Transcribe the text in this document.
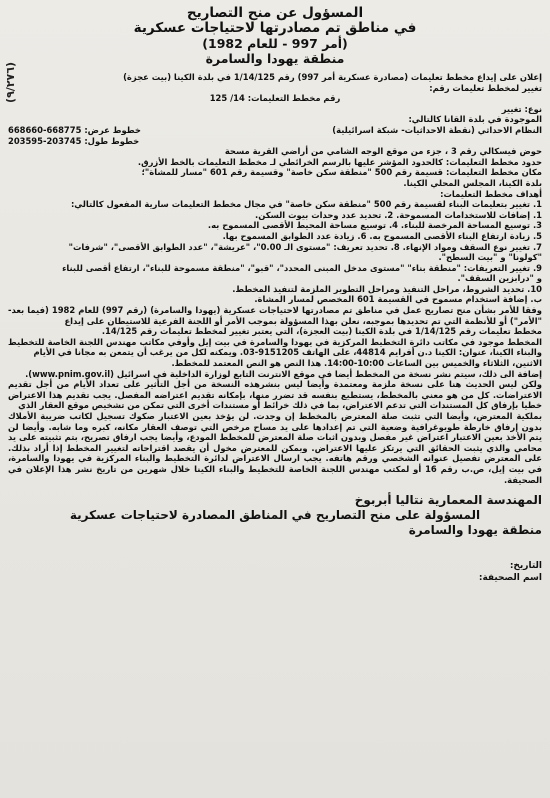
(٩/٢٧٦)

المسؤول عن منح التصاريح

في مناطق تم مصادرتها لاحتياجات عسكرية

(أمر 997 - للعام 1982)

منطقة يهودا والسامرة

إعلان على إيداع مخطط تعليمات (مصادرة عسكرية أمر 997) رقم 1/14/125 في بلدة الكينا (بيت عجزة)

تغيير لمخطط تعليمات رقم:

رقم مخطط التعليمات: 14/ 125

نوع: تغيير

الموجودة في بلدة القانا كالتالي:

النظام الاحداثي (نقطة الاحداثيات- شبكة اسرائيلية)
خطوط عرض: 668775-668660

خطوط طول: 203745-203595

حوض فيسكالي رقم 3 ، جزء من موقع الوجه الشامي من أراضي القرية مسحة

حدود مخطط التعليمات: كالحدود المؤشر عليها بالرسم الخرائطي لـ مخطط التعليمات بالخط الأزرق.

مكان مخطط التعليمات: قسيمة رقم 500 "منطقة سكن خاصة" وقسيمة رقم 601 "مسار للمشاة"؛

بلدة الكينا، المجلس المحلي الكينا.

أهداف مخطط التعليمات:

1. تغيير بتعليمات البناء لقسيمة رقم 500 "منطقة سكن خاصة" في مجال مخطط التعليمات سارية المفعول كالتالي:

1. إضافات للاستخدامات المسموحة. 2. تحديد عدد وحدات بيوت السكن.

3. توسيع المساحة المرخصة للبناء. 4. توسيع مساحة المحيط الأقصى المسموح به.

5. زيادة ارتفاع البناء الأقصى المسموح به. 6. زيادة عدد الطوابق المسموح بها.

7. تغيير نوع السقف ومواد الإنهاء. 8. تحديد تعريف: "مستوى الـ 0.00"، "عريشة"، "عدد الطوابق الأقصى"، "شرفات"

"كولونا" و "بيت السطح".

9. تغيير التعريفات: "منطقة بناء" "مستوى مدخل المبنى المحدد"، "قبو"، "منطقة مسموحة للبناء"، ارتفاع أقصى للبناء

و "درابزين السقف".

10. تحديد الشروط، مراحل التنفيذ ومراحل التطوير الملزمة لتنفيذ المخطط.

ب. إضافة استخدام مسموح في القسيمة 601 المخصص لمسار المشاة.

وفقا للأمر بشأن منح تصاريح عمل في مناطق تم مصادرتها لاحتياجات عسكرية (يهودا والسامرة) (رقم 997) للعام 1982 (فيما بعد- "الأمر") أو للأنظمة التي تم تحديدها بموجبه، نعلن بهذا المسؤولة بموجب الأمر أو اللجنة الفرعية للاستيطان على إيداع

مخطط تعليمات رقم 1/14/125 في بلدة الكينا (بيت العجزة)، التي يعتبر تغيير لمخطط تعليمات رقم 14/125.

المخطط موجود في مكاتب دائرة التخطيط المركزية في يهودا والسامرة في بيت إيل وأوفي مكاتب مهندس اللجنة الخاصة للتخطيط والبناء الكينا، عنوان: الكينا د.ن أفرايم 44814، على الهاتف 9151205-03. ويمكنه لكل من يرغب أن يتمعن به مجانا في الأيام

الاثنين، الثلاثاء والخميس بين الساعات 10:00-14:00. هذا النص هو النص المعتمد للمخطط.

إضافة الى ذلك، سيتم نشر نسخة من المخطط أيضا في موقع الانترنت التابع لوزارة الداخلية في اسرائيل (www.pnim.gov.il).

ولكن ليس الحديث هنا على نسخة ملزمة ومعتمدة وأيضا ليس بنشرهذه النسخة من أجل التأثير على تعداد الأيام من أجل تقديم الاعتراضات. كل من هو معني بالمخطط، يستطيع بنفسه قد تضرر منها، بإمكانه تقديم اعتراضه المفصل. يجب تقديم هذا الاعتراض خطيا بإرفاق كل المستندات التي تدعم الاعتراض، بما في ذلك خرائط أو مستندات أخرى التي تمكن من تشخيص موقع العقار الذي

بملكية المعترض، وأيضا التي تثبت صلة المعترض بالمخطط إن وجدت. لن يؤخذ بعين الاعتبار صكوك تسجيل لكاتب ضريبة الأملاك بدون إرفاق خارطة طوبوغرافية وضعية التي تم إعدادها على يد مساح مرخص التي توصف العقار مكانه، كبره وما شابه. وأيضا لن يتم الأخذ بعين الاعتبار اعتراض غير مفصل وبدون اثبات صلة المعترض للمخطط المودع، وأيضا يجب ارفاق تصريح، بتم تثبيته على يد محامي والذي يثبت الحقائق التي يرتكز عليها الاعتراض. ويمكن للمعترض مخول أن يقصد اقتراحاته لتغيير المخطط إذا أراد بذلك. على المعترض تفصيل عنوانه الشخصي ورقم هاتفه. يجب ارسال الاعتراض لدائرة التخطيط والبناء المركزية في يهودا والسامرة، في بيت إيل، ص.ب رقم 16 أو لمكتب مهندس اللجنة الخاصة للتخطيط والبناء الكينا خلال شهرين من تاريخ نشر هذا الإعلان في الصحيفة.

المهندسة المعمارية نتاليا أبربوخ

المسؤولة على منح التصاريح في المناطق المصادرة لاحتياجات عسكرية

منطقة يهودا والسامرة

التاريخ:
اسم الصحيفة:
